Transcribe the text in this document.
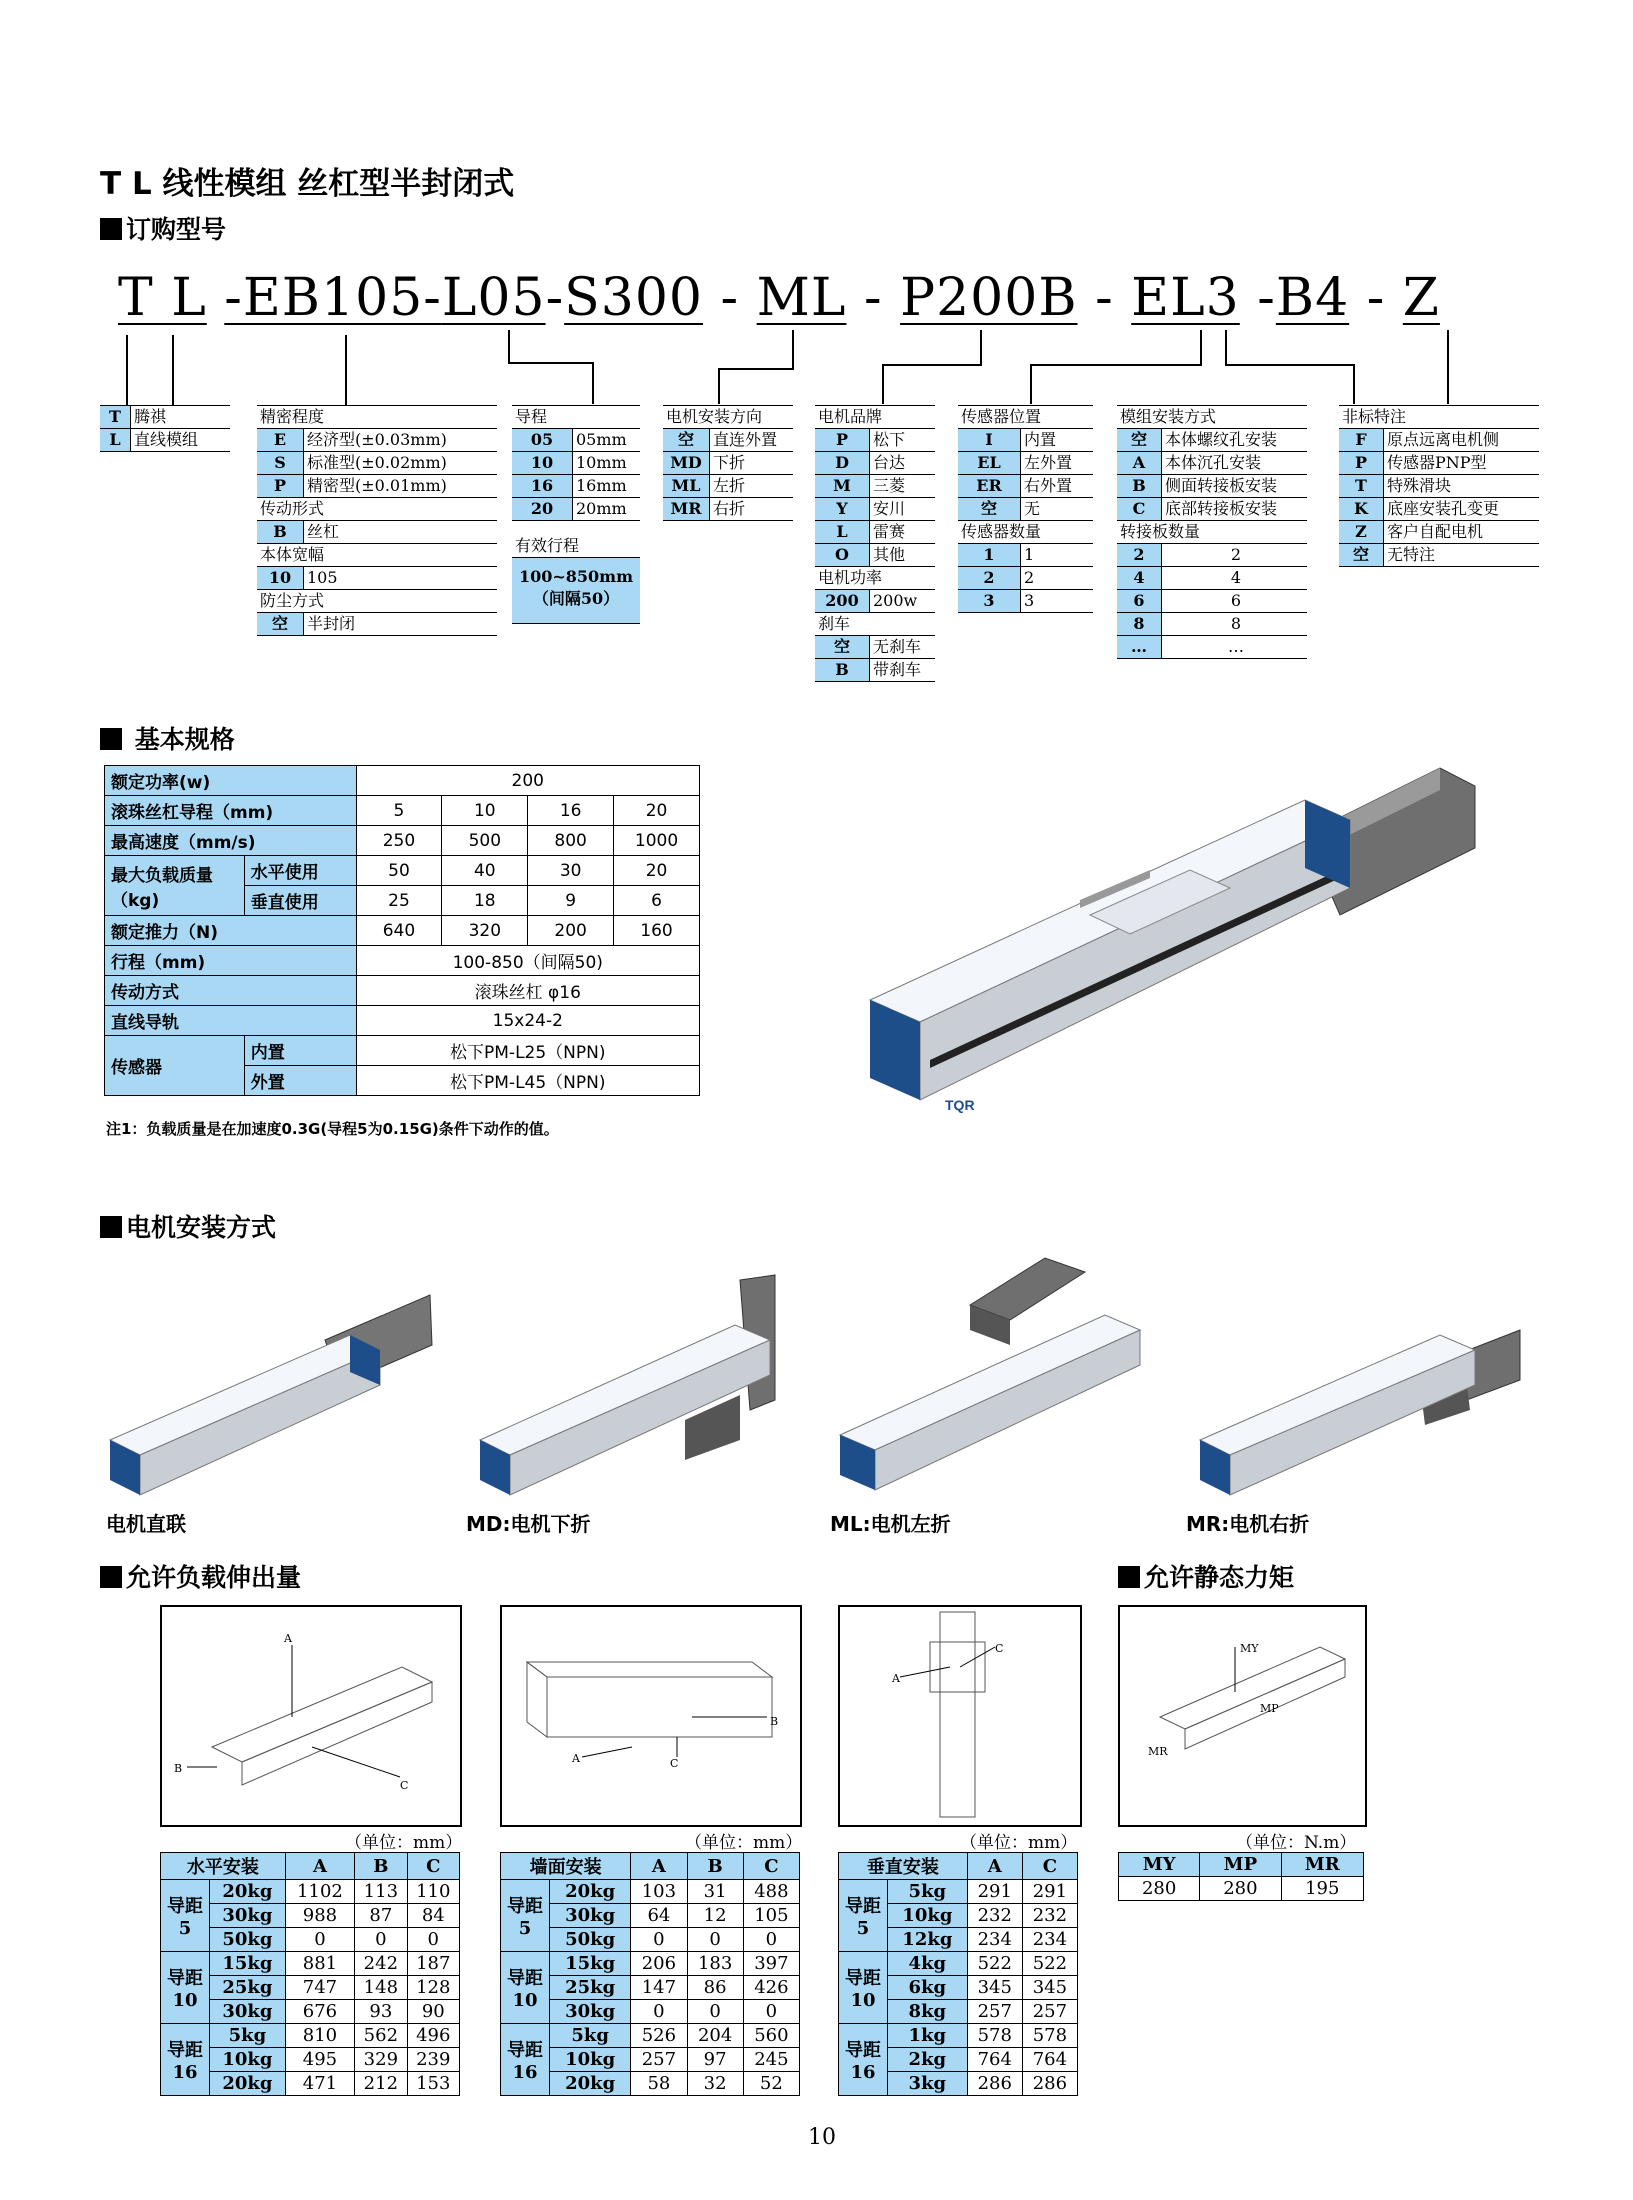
T L 线性模组 丝杠型半封闭式
订购型号
T L -EB105-L05-S300 - ML - P200B - EL3 -B4 - Z
T 腾祺
L 直线模组
精密程度
E	经济型(±0.03mm)
S	标准型(±0.02mm)
P	精密型(±0.01mm)
传动形式
B	丝杠
本体宽幅
10 105
防尘方式
空	半封闭
导程
05	05mm
10	10mm
16	16mm
20	20mm
有效行程
100~850mm
（间隔50）
电机安装方向
空	直连外置
MD 下折
ML 左折
MR 右折
电机品牌
P	松下
D	台达
M	三菱
Y	安川
L	雷赛
O	其他
电机功率
200 200w
刹车
空	无刹车
B	带刹车
传感器位置
I	内置
EL	左外置
ER	右外置
空	无
传感器数量
1	1
2	2
3	3
模组安装方式
空	本体螺纹孔安装
A	本体沉孔安装
B	侧面转接板安装
C	底部转接板安装
转接板数量
2	2
4	4
6	6
8	8
…	…
非标特注
F	原点远离电机侧
P	传感器PNP型
T	特殊滑块
K	底座安装孔变更
Z	客户自配电机
空	无特注
基本规格
额定功率(w)		200			
滚珠丝杠导程（mm)		5	10	16	20
最高速度（mm/s)		250	500	800	1000
最大负载质量（kg)	水平使用	50	40	30	20
	垂直使用	25	18	9	6
额定推力（N)		640	320	200	160
行程（mm)		100-850（间隔50)			
传动方式		滚珠丝杠 φ16			
直线导轨		15x24-2			
传感器	内置	松下PM-L25（NPN)			
	外置	松下PM-L45（NPN)			
注1：负载质量是在加速度0.3G(导程5为0.15G)条件下动作的值。
TQR
电机安装方式
电机直联	MD:电机下折	ML:电机左折	MR:电机右折
允许负载伸出量	允许静态力矩
A
B
C
B
C
A
C
A
MY
MP
MR
（单位：mm）	（单位：mm）	（单位：mm）	（单位：N.m）
水平安装		A	B	C
导距
5	20kg	1102	113	110
	30kg	988	87	84
	50kg	0	0	0
导距
10	15kg	881	242	187
	25kg	747	148	128
	30kg	676	93	90
导距
16	5kg	810	562	496
	10kg	495	329	239
	20kg	471	212	153
墙面安装		A	B	C
导距
5	20kg	103	31	488
	30kg	64	12	105
	50kg	0	0	0
导距
10	15kg	206	183	397
	25kg	147	86	426
	30kg	0	0	0
导距
16	5kg	526	204	560
	10kg	257	97	245
	20kg	58	32	52
垂直安装		A	C
导距
5	5kg	291	291
	10kg	232	232
	12kg	234	234
导距
10	4kg	522	522
	6kg	345	345
	8kg	257	257
导距
16	1kg	578	578
	2kg	764	764
	3kg	286	286
MY	MP	MR
280	280	195
10
